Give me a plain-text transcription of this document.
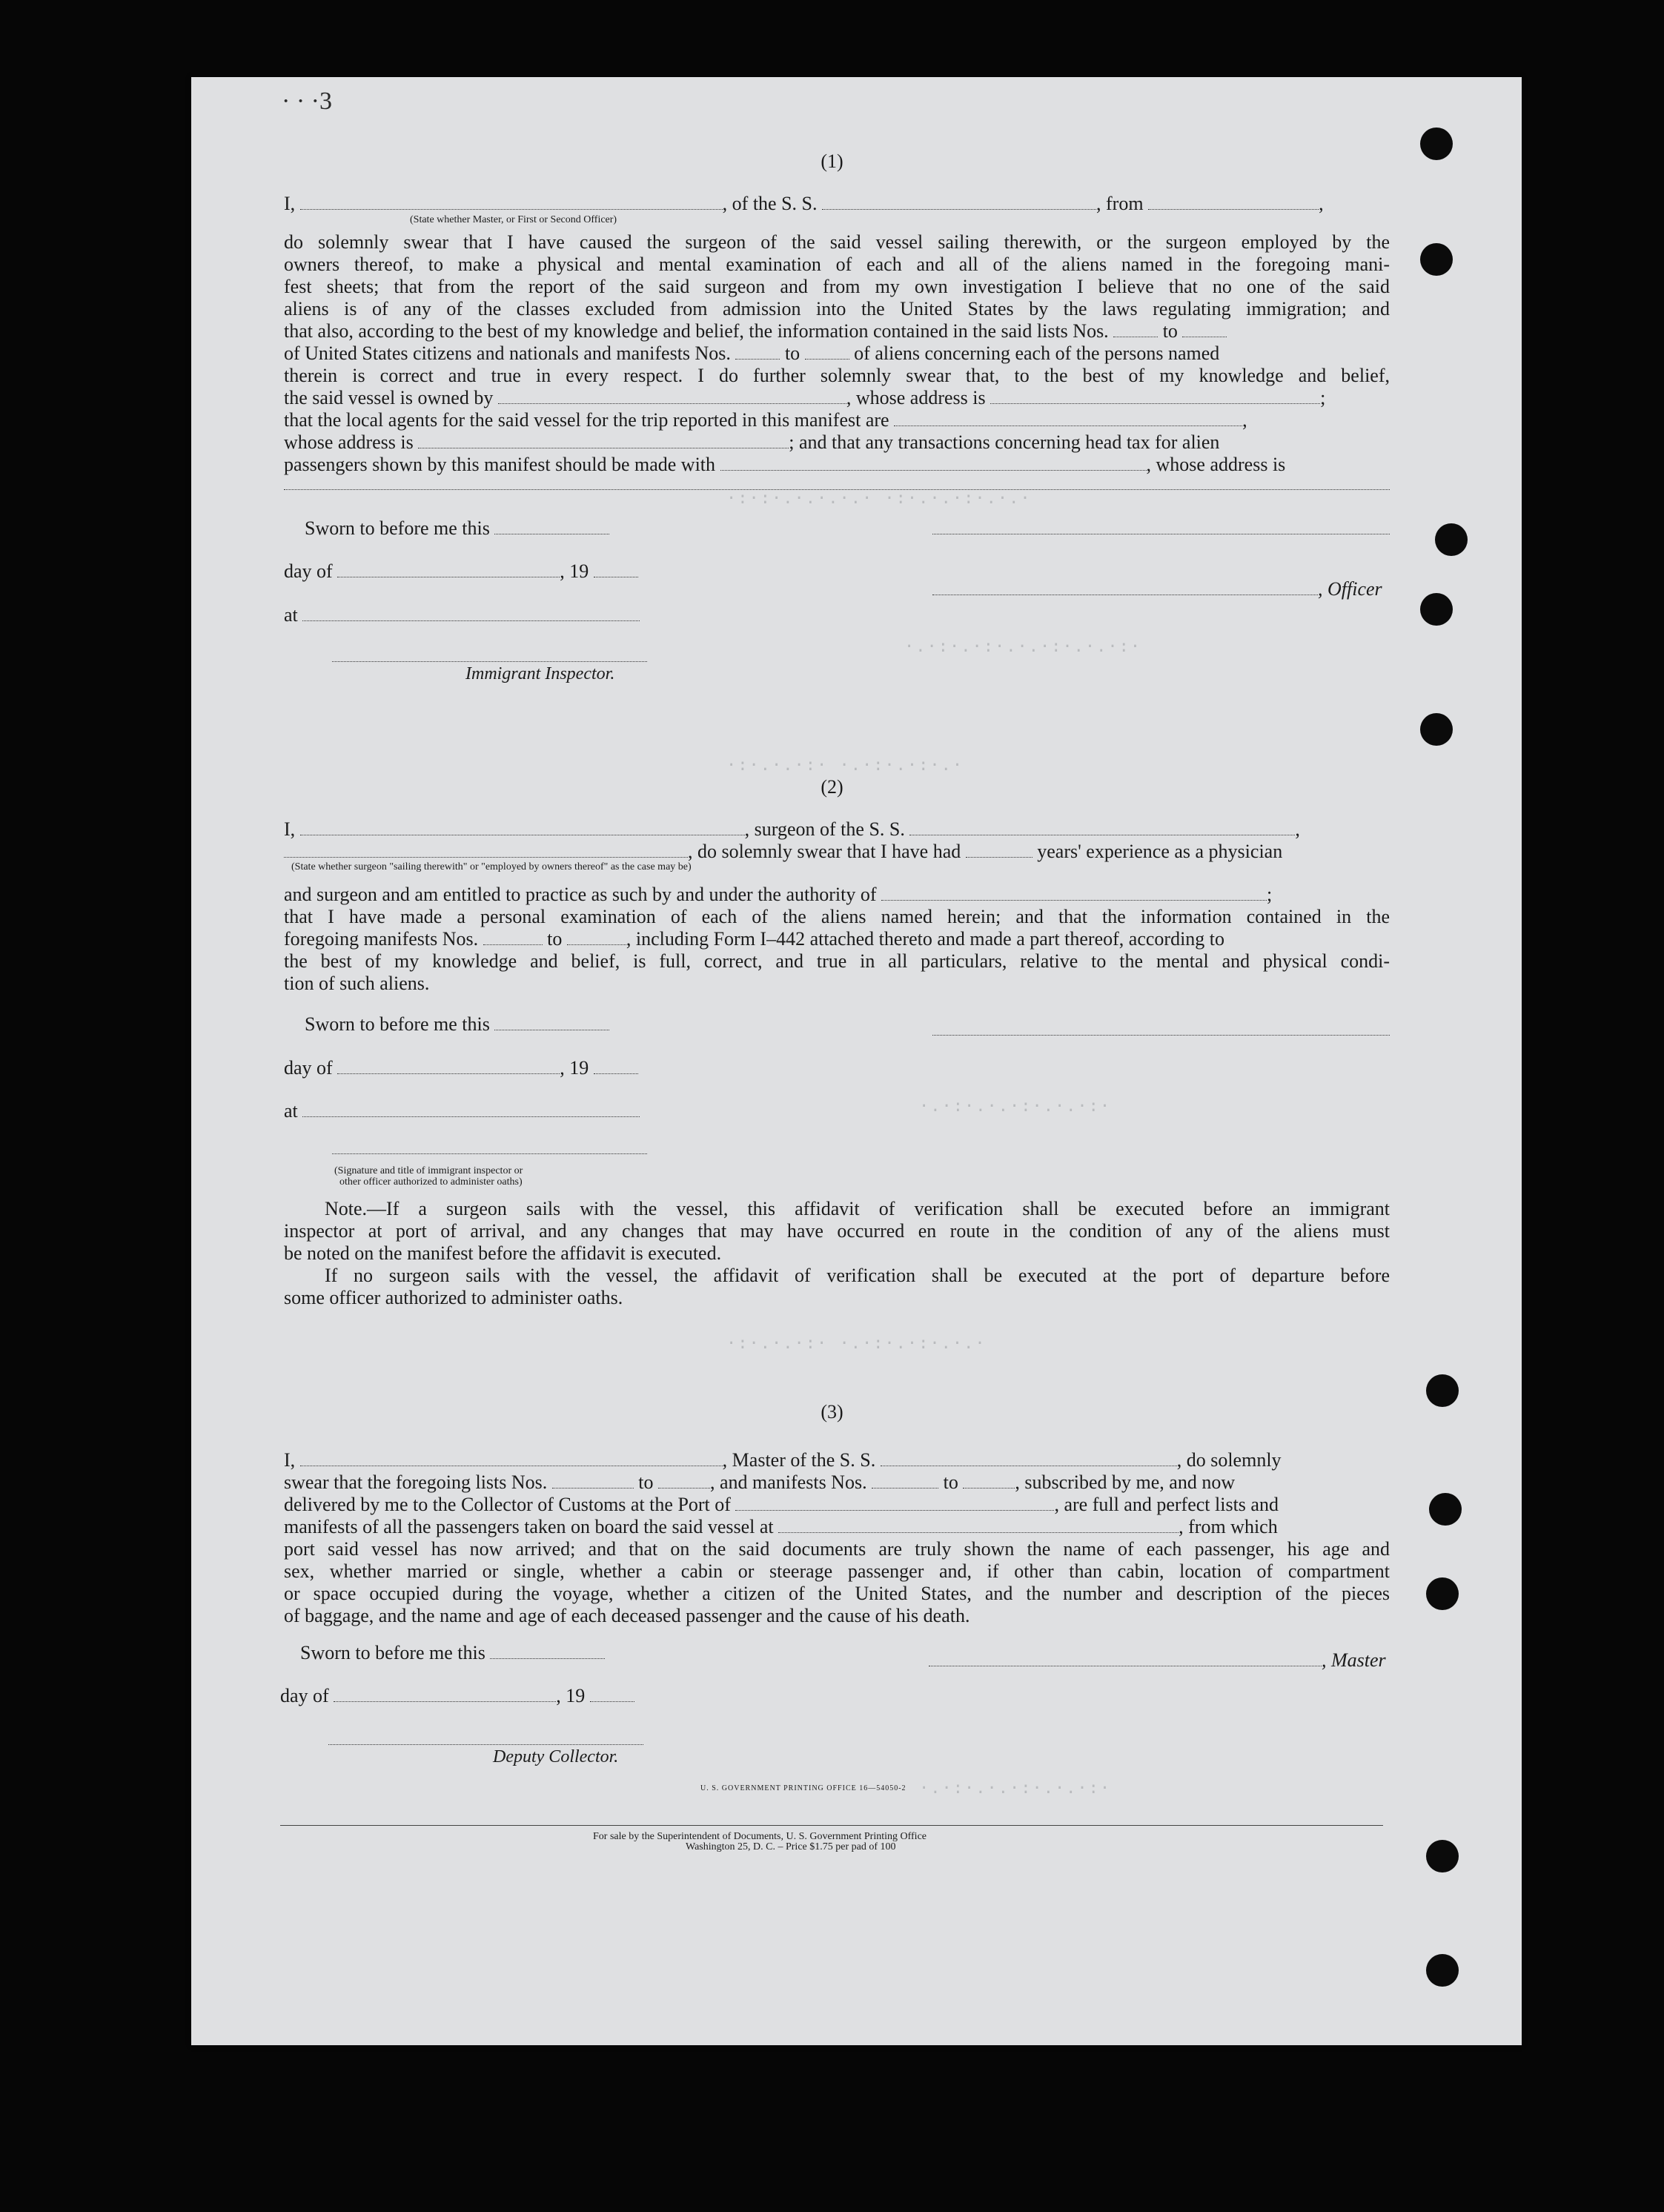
· · ·3
·:·:·.·.·.·.· ·:·.·.·:·.·.·
·.·:·.·:·.·.·:·.·.·:·
·:·.·.·:· ·.·:·.·:·.·
·.·:·.·.·:·.·.·:·
·:·.·.·:· ·.·:·.·:·.·.·
·.·:·.·.·:·.·.·:·
(1)
I,	, of the S. S.	, from	,
(State whether Master, or First or Second Officer)
do solemnly swear that I have caused the surgeon of the said vessel sailing therewith, or the surgeon employed by the
owners thereof, to make a physical and mental examination of each and all of the aliens named in the foregoing mani-
fest sheets; that from the report of the said surgeon and from my own investigation I believe that no one of the said
aliens is of any of the classes excluded from admission into the United States by the laws regulating immigration; and
that also, according to the best of my knowledge and belief, the information contained in the said lists Nos.	to
of United States citizens and nationals and manifests Nos.	to	of aliens concerning each of the persons named
therein is correct and true in every respect. I do further solemnly swear that, to the best of my knowledge and belief,
the said vessel is owned by	, whose address is	;
that the local agents for the said vessel for the trip reported in this manifest are	,
whose address is	; and that any transactions concerning head tax for alien
passengers shown by this manifest should be made with	, whose address is
Sworn to before me this
day of	, 19
, Officer
at
Immigrant Inspector.
(2)
I,	, surgeon of the S. S.	,
, do solemnly swear that I have had	years' experience as a physician
(State whether surgeon "sailing therewith" or "employed by owners thereof" as the case may be)
and surgeon and am entitled to practice as such by and under the authority of	;
that I have made a personal examination of each of the aliens named herein; and that the information contained in the
foregoing manifests Nos.	to	, including Form I–442 attached thereto and made a part thereof, according to
the best of my knowledge and belief, is full, correct, and true in all particulars, relative to the mental and physical condi-
tion of such aliens.
Sworn to before me this
day of	, 19
at
(Signature and title of immigrant inspector or
other officer authorized to administer oaths)
Note.—If a surgeon sails with the vessel, this affidavit of verification shall be executed before an immigrant
inspector at port of arrival, and any changes that may have occurred en route in the condition of any of the aliens must
be noted on the manifest before the affidavit is executed.
If no surgeon sails with the vessel, the affidavit of verification shall be executed at the port of departure before
some officer authorized to administer oaths.
(3)
I,	, Master of the S. S.	, do solemnly
swear that the foregoing lists Nos.	to	, and manifests Nos.	to	, subscribed by me, and now
delivered by me to the Collector of Customs at the Port of	, are full and perfect lists and
manifests of all the passengers taken on board the said vessel at	, from which
port said vessel has now arrived; and that on the said documents are truly shown the name of each passenger, his age and
sex, whether married or single, whether a cabin or steerage passenger and, if other than cabin, location of compartment
or space occupied during the voyage, whether a citizen of the United States, and the number and description of the pieces
of baggage, and the name and age of each deceased passenger and the cause of his death.
Sworn to before me this	, Master
day of	, 19
Deputy Collector.
U. S. GOVERNMENT PRINTING OFFICE 16—54050-2
For sale by the Superintendent of Documents, U. S. Government Printing Office
Washington 25, D. C. – Price $1.75 per pad of 100
